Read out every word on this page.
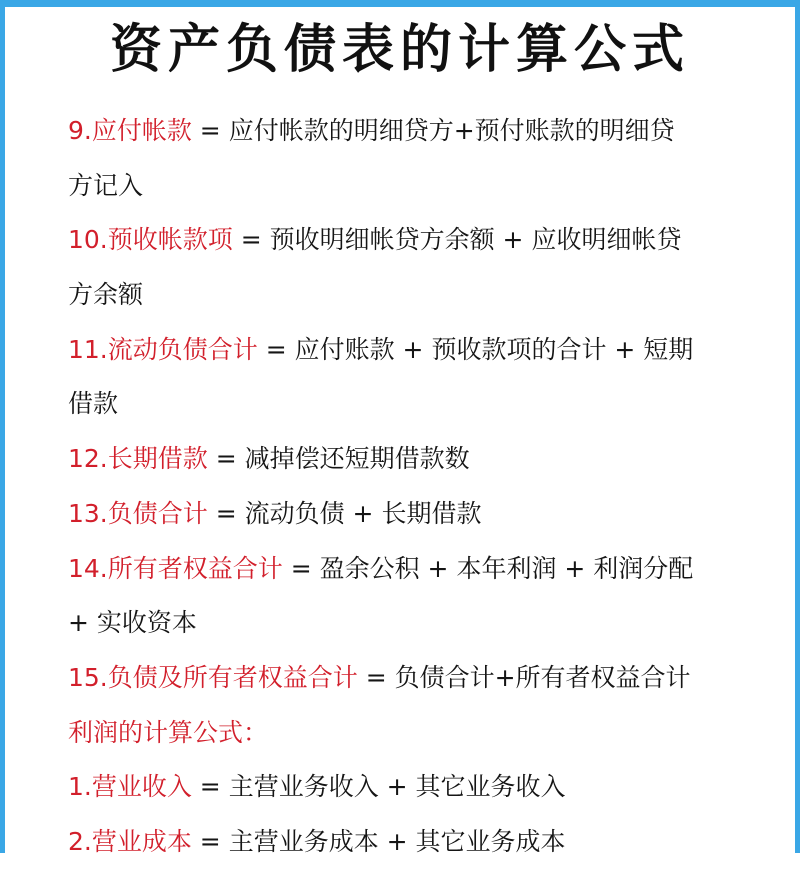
资产负债表的计算公式
9.应付帐款 = 应付帐款的明细贷方+预付账款的明细贷
方记入
10.预收帐款项 = 预收明细帐贷方余额 + 应收明细帐贷
方余额
11.流动负债合计 = 应付账款 + 预收款项的合计 + 短期
借款
12.长期借款 = 减掉偿还短期借款数
13.负债合计 = 流动负债 + 长期借款
14.所有者权益合计 = 盈余公积 + 本年利润 + 利润分配
+ 实收资本
15.负债及所有者权益合计 = 负债合计+所有者权益合计
利润的计算公式：
1.营业收入 = 主营业务收入 + 其它业务收入
2.营业成本 = 主营业务成本 + 其它业务成本
